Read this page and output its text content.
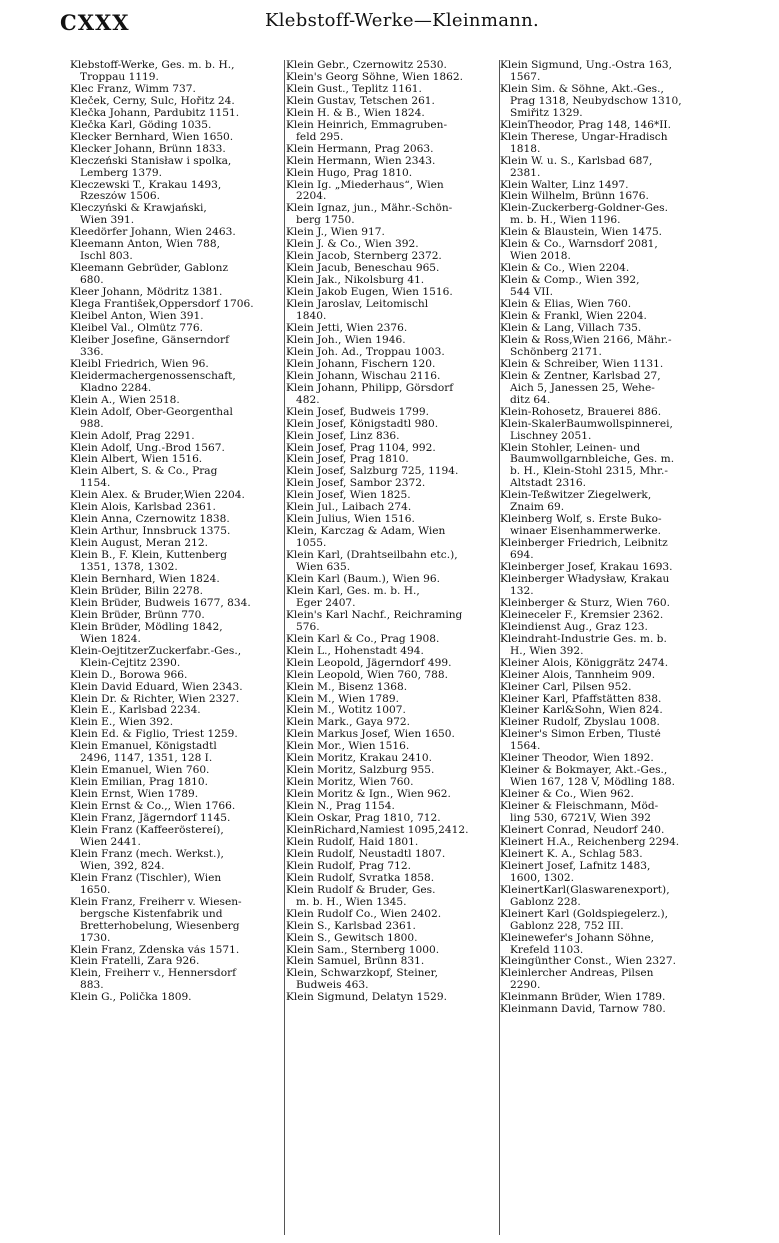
CXXX	Klebstoff-Werke—Kleinmann.
Klebstoff-Werke, Ges. m. b. H.,
Troppau 1119.
Klec Franz, Wimm 737.
Kleček, Černy, Šulc, Hořitz 24.
Klečka Johann, Pardubitz 1151.
Klečka Karl, Göding 1035.
Klecker Bernhard, Wien 1650.
Klecker Johann, Brünn 1833.
Kleczeński Stanisław i spolka,
Lemberg 1379.
Kleczewski T., Krakau 1493,
Rzeszów 1506.
Kleczyński & Krawjański,
Wien 391.
Kleedörfer Johann, Wien 2463.
Kleemann Anton, Wien 788,
Ischl 803.
Kleemann Gebrüder, Gablonz
680.
Kleer Johann, Mödritz 1381.
Klega František,Oppersdorf 1706.
Kleibel Anton, Wien 391.
Kleibel Val., Olmütz 776.
Kleiber Josefine, Gänserndorf
336.
Kleibl Friedrich, Wien 96.
Kleidermachergenossenschaft,
Kladno 2284.
Klein A., Wien 2518.
Klein Adolf, Ober-Georgenthal
988.
Klein Adolf, Prag 2291.
Klein Adolf, Ung.-Brod 1567.
Klein Albert, Wien 1516.
Klein Albert, S. & Co., Prag
1154.
Klein Alex. & Bruder,Wien 2204.
Klein Alois, Karlsbad 2361.
Klein Anna, Czernowitz 1838.
Klein Arthur, Innsbruck 1375.
Klein August, Meran 212.
Klein B., F. Klein, Kuttenberg
1351, 1378, 1302.
Klein Bernhard, Wien 1824.
Klein Brüder, Bilin 2278.
Klein Brüder, Budweis 1677, 834.
Klein Brüder, Brünn 770.
Klein Brüder, Mödling 1842,
Wien 1824.
Klein-OejtitzerZuckerfabr.-Ges.,
Klein-Čejtitz 2390.
Klein D., Borowa 966.
Klein David Eduard, Wien 2343.
Klein Dr. & Richter, Wien 2327.
Klein E., Karlsbad 2234.
Klein E., Wien 392.
Klein Ed. & Figlio, Triest 1259.
Klein Emanuel, Königstadtl
2496, 1147, 1351, 128 I.
Klein Emanuel, Wien 760.
Klein Emilian, Prag 1810.
Klein Ernst, Wien 1789.
Klein Ernst & Co.,, Wien 1766.
Klein Franz, Jägerndorf 1145.
Klein Franz (Kaffeeröstereí),
Wien 2441.
Klein Franz (mech. Werkst.),
Wien, 392, 824.
Klein Franz (Tischler), Wien
1650.
Klein Franz, Freiherr v. Wiesen-
bergsche Kistenfabrik und
Bretterhobelung, Wiesenberg
1730.
Klein Franz, Zdenska vás 1571.
Klein Fratelli, Zara 926.
Klein, Freiherr v., Hennersdorf
883.
Klein G., Polička 1809.
Klein Gebr., Czernowitz 2530.
Klein's Georg Söhne, Wien 1862.
Klein Gust., Teplitz 1161.
Klein Gustav, Tetschen 261.
Klein H. & B., Wien 1824.
Klein Heinrich, Emmagruben-
feld 295.
Klein Hermann, Prag 2063.
Klein Hermann, Wien 2343.
Klein Hugo, Prag 1810.
Klein Ig. „Miederhaus“, Wien
2204.
Klein Ignaz, jun., Mähr.-Schön-
berg 1750.
Klein J., Wien 917.
Klein J. & Co., Wien 392.
Klein Jacob, Sternberg 2372.
Klein Jacub, Beneschau 965.
Klein Jak., Nikolsburg 41.
Klein Jakob Eugen, Wien 1516.
Klein Jaroslav, Leitomischl
1840.
Klein Jetti, Wien 2376.
Klein Joh., Wien 1946.
Klein Joh. Ad., Troppau 1003.
Klein Johann, Fischern 120.
Klein Johann, Wischau 2116.
Klein Johann, Philipp, Görsdorf
482.
Klein Josef, Budweis 1799.
Klein Josef, Königstadtl 980.
Klein Josef, Linz 836.
Klein Josef, Prag 1104, 992.
Klein Josef, Prag 1810.
Klein Josef, Salzburg 725, 1194.
Klein Josef, Sambor 2372.
Klein Josef, Wien 1825.
Klein Jul., Laibach 274.
Klein Julius, Wien 1516.
Klein, Karczag & Adam, Wien
1055.
Klein Karl, (Drahtseilbahn etc.),
Wien 635.
Klein Karl (Baum.), Wien 96.
Klein Karl, Ges. m. b. H.,
Eger 2407.
Klein's Karl Nachf., Reichraming
576.
Klein Karl & Co., Prag 1908.
Klein L., Hohenstadt 494.
Klein Leopold, Jägerndorf 499.
Klein Leopold, Wien 760, 788.
Klein M., Bisenz 1368.
Klein M., Wien 1789.
Klein M., Wotitz 1007.
Klein Mark., Gaya 972.
Klein Markus Josef, Wien 1650.
Klein Mor., Wien 1516.
Klein Moritz, Krakau 2410.
Klein Moritz, Salzburg 955.
Klein Moritz, Wien 760.
Klein Moritz & Ign., Wien 962.
Klein N., Prag 1154.
Klein Oskar, Prag 1810, 712.
KleinRichard,Namiest 1095,2412.
Klein Rudolf, Haid 1801.
Klein Rudolf, Neustadtl 1807.
Klein Rudolf, Prag 712.
Klein Rudolf, Svratka 1858.
Klein Rudolf & Bruder, Ges.
m. b. H., Wien 1345.
Klein Rudolf Co., Wien 2402.
Klein S., Karlsbad 2361.
Klein S., Gewitsch 1800.
Klein Sam., Sternberg 1000.
Klein Samuel, Brünn 831.
Klein, Schwarzkopf, Steiner,
Budweis 463.
Klein Sigmund, Delatyn 1529.
Klein Sigmund, Ung.-Ostra 163,
1567.
Klein Sim. & Söhne, Akt.-Ges.,
Prag 1318, Neubydschow 1310,
Smiřitz 1329.
KleinTheodor, Prag 148, 146*II.
Klein Therese, Ungar-Hradisch
1818.
Klein W. u. S., Karlsbad 687,
2381.
Klein Walter, Linz 1497.
Klein Wilhelm, Brünn 1676.
Klein-Zuckerberg-Goldner-Ges.
m. b. H., Wien 1196.
Klein & Blaustein, Wien 1475.
Klein & Co., Warnsdorf 2081,
Wien 2018.
Klein & Co., Wien 2204.
Klein & Comp., Wien 392,
544 VII.
Klein & Elias, Wien 760.
Klein & Frankl, Wien 2204.
Klein & Lang, Villach 735.
Klein & Ross,Wien 2166, Mähr.-
Schönberg 2171.
Klein & Schreiber, Wien 1131.
Klein & Zentner, Karlsbad 27,
Aich 5, Janessen 25, Wehe-
ditz 64.
Klein-Rohosetz, Brauerei 886.
Klein-SkalerBaumwollspinnerei,
Lischney 2051.
Klein Stohler, Leinen- und
Baumwollgarnbleiche, Ges. m.
b. H., Klein-Stohl 2315, Mhr.-
Altstadt 2316.
Klein-Teßwitzer Ziegelwerk,
Znaim 69.
Kleinberg Wolf, s. Erste Buko-
winaer Eisenhammerwerke.
Kleinberger Friedrich, Leibnitz
694.
Kleinberger Josef, Krakau 1693.
Kleinberger Władysław, Krakau
132.
Kleinberger & Sturz, Wien 760.
Kleineceler F., Kremsier 2362.
Kleindienst Aug., Graz 123.
Kleindraht-Industrie Ges. m. b.
H., Wien 392.
Kleiner Alois, Königgrätz 2474.
Kleiner Alois, Tannheim 909.
Kleiner Carl, Pilsen 952.
Kleiner Karl, Pfaffstätten 838.
Kleiner Karl&Sohn, Wien 824.
Kleiner Rudolf, Zbyslau 1008.
Kleiner's Simon Erben, Tlusté
1564.
Kleiner Theodor, Wien 1892.
Kleiner & Bokmayer, Akt.-Ges.,
Wien 167, 128 V, Mödling 188.
Kleiner & Co., Wien 962.
Kleiner & Fleischmann, Möd-
ling 530, 6721V, Wien 392
Kleinert Conrad, Neudorf 240.
Kleinert H.A., Reichenberg 2294.
Kleinert K. A., Schlag 583.
Kleinert Josef, Lafnitz 1483,
1600, 1302.
KleinertKarl(Glaswarenexport),
Gablonz 228.
Kleinert Karl (Goldspiegelerz.),
Gablonz 228, 752 III.
Kleinewefer's Johann Söhne,
Krefeld 1103.
Kleingünther Const., Wien 2327.
Kleinlercher Andreas, Pilsen
2290.
Kleinmann Brüder, Wien 1789.
Kleinmann David, Tarnow 780.
